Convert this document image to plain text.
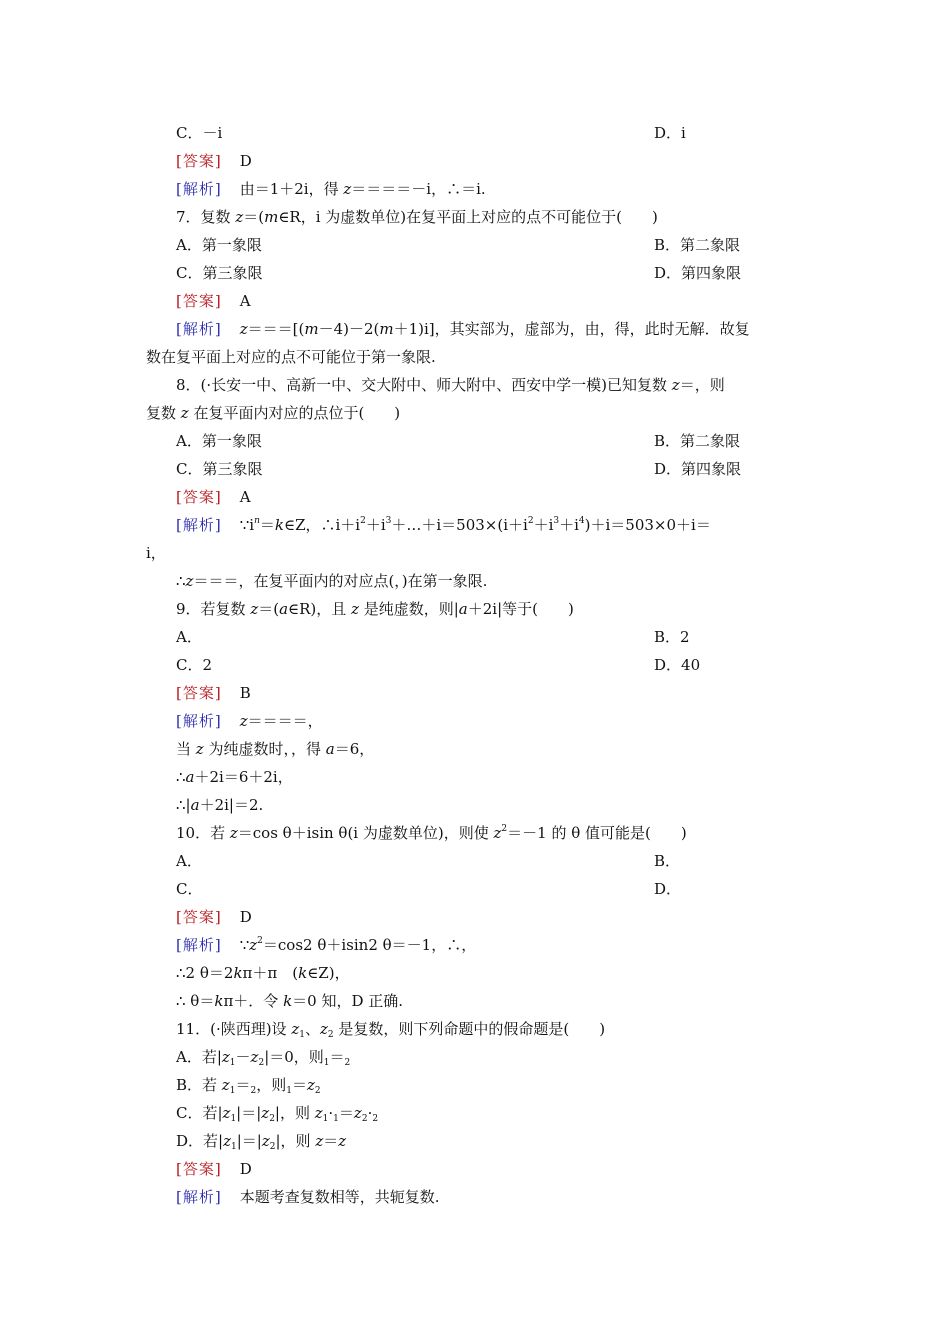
C．－i	D．i
[答案] D
[解析] 由＝1＋2i，得 z＝＝＝＝－i，∴＝i.
7．复数 z＝(m∈R，i 为虚数单位)在复平面上对应的点不可能位于(　　)
A．第一象限	B．第二象限
C．第三象限	D．第四象限
[答案] A
[解析] z＝＝＝[(m－4)－2(m＋1)i]，其实部为，虚部为，由，得，此时无解．故复
数在复平面上对应的点不可能位于第一象限.
8．(·长安一中、高新一中、交大附中、师大附中、西安中学一模)已知复数 z＝，则
复数 z 在复平面内对应的点位于(　　)
A．第一象限	B．第二象限
C．第三象限	D．第四象限
[答案] A
[解析] $\because i^n=k\in Z$，$\therefore i+i^2+i^3+\dots+i=503\times(i+i^2+i^3+i^4)+i=503\times 0+i=$
i，
∴z＝＝＝，在复平面内的对应点(，)在第一象限.
9．若复数 z＝(a∈R)，且 z 是纯虚数，则|a＋2i|等于(　　)
A．	B．2
C．2	D．40
[答案] B
[解析] z＝＝＝＝，
当 z 为纯虚数时，，得 a＝6，
∴a＋2i＝6＋2i，
∴|a＋2i|＝2.
10．若 z＝cos θ＋isin θ(i 为虚数单位)，则使 $z^2=-1$ 的 θ 值可能是(　　)
A．	B．
C．	D．
[答案] D
[解析] $\because z^2=\cos 2$ θ＋isin2 θ＝－1，∴，
∴2 θ＝2kπ＋π　(k∈Z)，
∴ θ＝kπ＋．令 k＝0 知，D 正确.
11．(·陕西理)设 $z_1$、$z_2$ 是复数，则下列命题中的假命题是(　　)
A．若$|z_1-z_2|=0$，则$_1=_2$
B．若 $z_1=_2$，则$_1=z_2$
C．若$|z_1|=|z_2|$，则 $z_1\cdot_1=z_2\cdot_2$
D．若$|z_1|=|z_2|$，则 z＝z
[答案] D
[解析] 本题考查复数相等，共轭复数.
